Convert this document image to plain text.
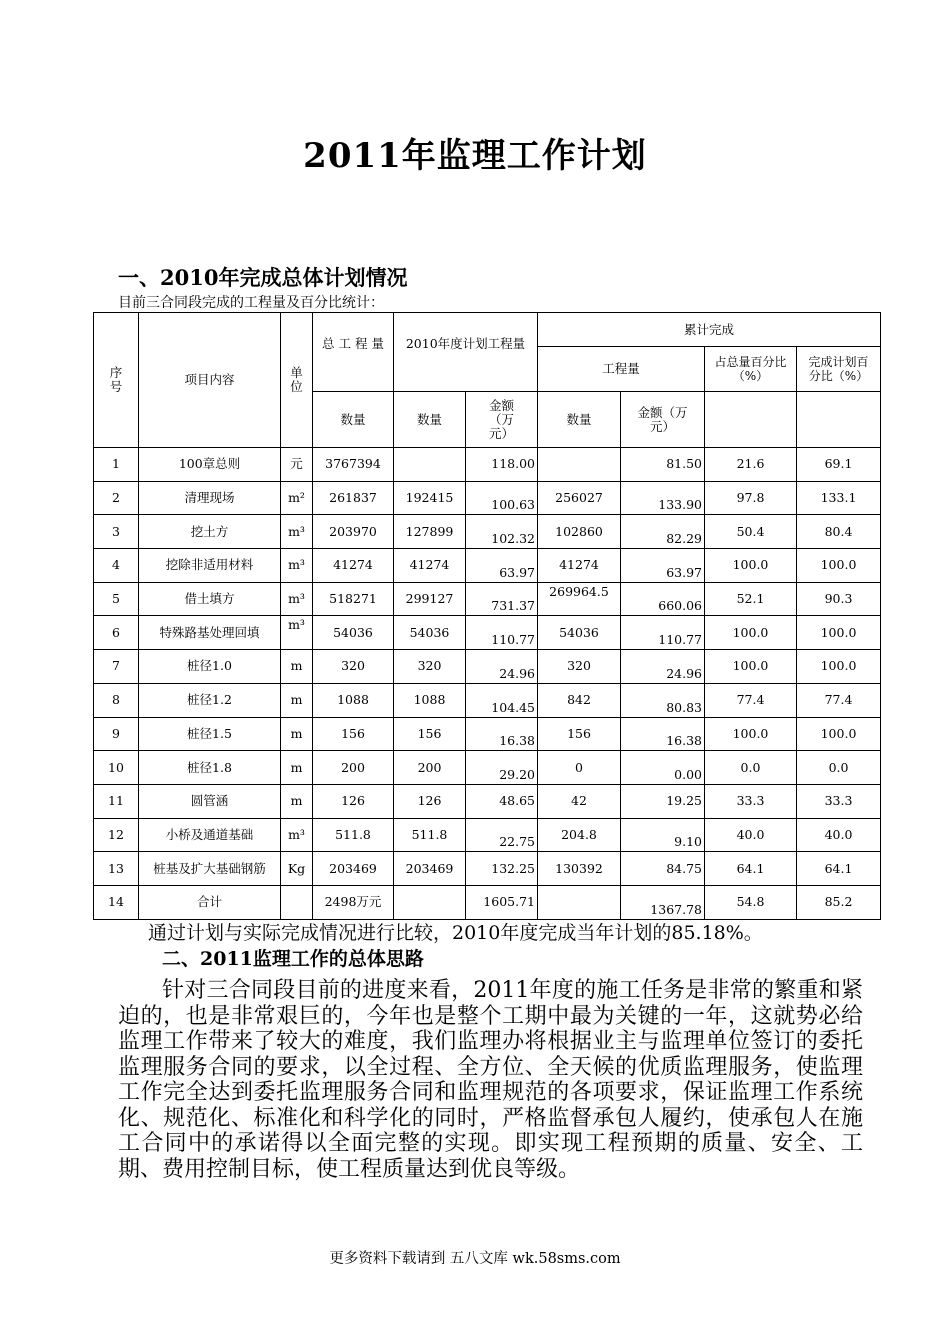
2011年监理工作计划
一、2010年完成总体计划情况
目前三合同段完成的工程量及百分比统计：
序号	项目内容	单位	总 工 程 量	2010年度计划工程量		累计完成			
						工程量		占总量百分比（%）	完成计划百分比（%）
			数量	数量	金额（万元）	数量	金额（万元）		
1	100章总则	元	3767394		118.00		81.50	21.6	69.1
2	清理现场	m²	261837	192415	100.63	256027	133.90	97.8	133.1
3	挖土方	m³	203970	127899	102.32	102860	82.29	50.4	80.4
4	挖除非适用材料	m³	41274	41274	63.97	41274	63.97	100.0	100.0
5	借土填方	m³	518271	299127	731.37	269964.5	660.06	52.1	90.3
6	特殊路基处理回填	m³	54036	54036	110.77	54036	110.77	100.0	100.0
7	桩径1.0	m	320	320	24.96	320	24.96	100.0	100.0
8	桩径1.2	m	1088	1088	104.45	842	80.83	77.4	77.4
9	桩径1.5	m	156	156	16.38	156	16.38	100.0	100.0
10	桩径1.8	m	200	200	29.20	0	0.00	0.0	0.0
11	圆管涵	m	126	126	48.65	42	19.25	33.3	33.3
12	小桥及通道基础	m³	511.8	511.8	22.75	204.8	9.10	40.0	40.0
13	桩基及扩大基础钢筋	Kg	203469	203469	132.25	130392	84.75	64.1	64.1
14	合计		2498万元		1605.71		1367.78	54.8	85.2
通过计划与实际完成情况进行比较，2010年度完成当年计划的85.18%。
二、2011监理工作的总体思路
针对三合同段目前的进度来看，2011年度的施工任务是非常的繁重和紧迫的，也是非常艰巨的，今年也是整个工期中最为关键的一年，这就势必给监理工作带来了较大的难度，我们监理办将根据业主与监理单位签订的委托监理服务合同的要求，以全过程、全方位、全天候的优质监理服务，使监理工作完全达到委托监理服务合同和监理规范的各项要求，保证监理工作系统化、规范化、标准化和科学化的同时，严格监督承包人履约，使承包人在施工合同中的承诺得以全面完整的实现。即实现工程预期的质量、安全、工期、费用控制目标，使工程质量达到优良等级。
更多资料下载请到 五八文库 wk.58sms.com
